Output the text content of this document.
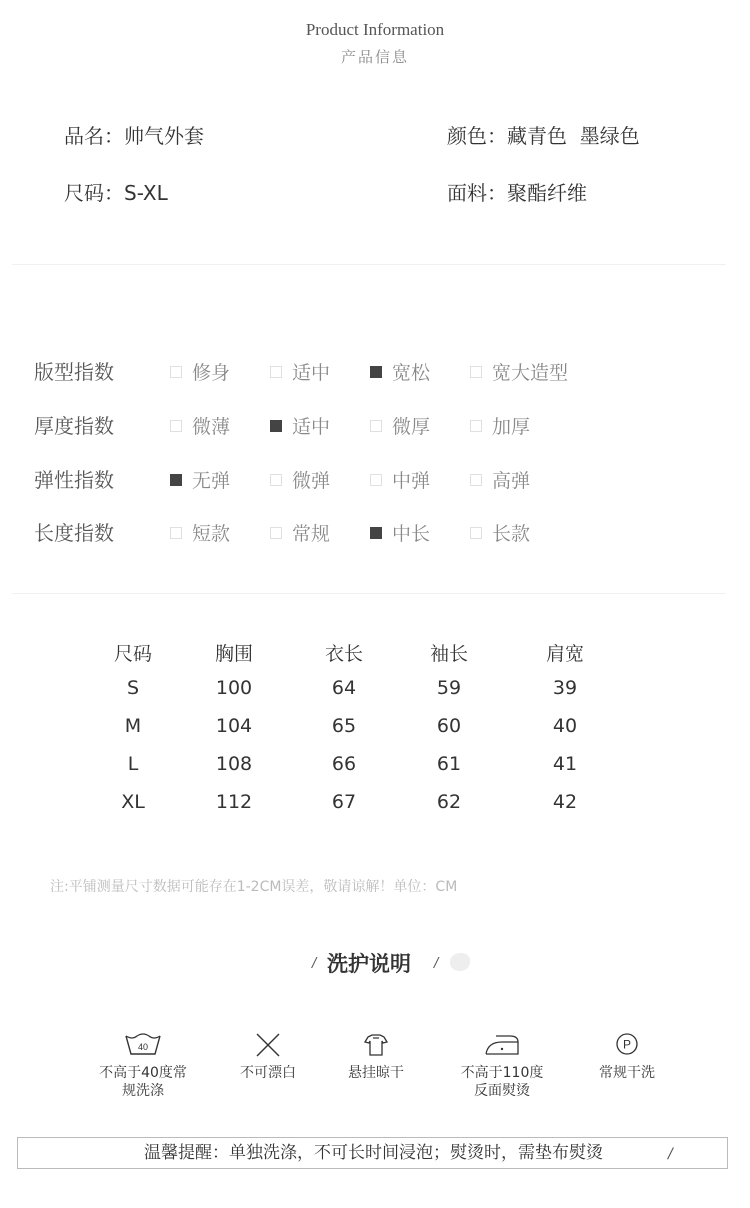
Product Information
产品信息
品名：帅气外套	颜色：藏青色  墨绿色
尺码：S-XL	面料：聚酯纤维
版型指数	修身	适中	宽松	宽大造型
厚度指数	微薄	适中	微厚	加厚
弹性指数	无弹	微弹	中弹	高弹
长度指数	短款	常规	中长	长款
尺码	胸围	衣长	袖长	肩宽
S	100	64	59	39
M	104	65	60	40
L	108	66	61	41
XL	112	67	62	42
注:平铺测量尺寸数据可能存在1-2CM误差，敬请谅解！单位：CM
/ 洗护说明 /
40	P
不高于40度常
规洗涤
不可漂白	悬挂晾干	不高于110度
反面熨烫
常规干洗
温馨提醒：单独洗涤，不可长时间浸泡；熨烫时，需垫布熨烫	/
